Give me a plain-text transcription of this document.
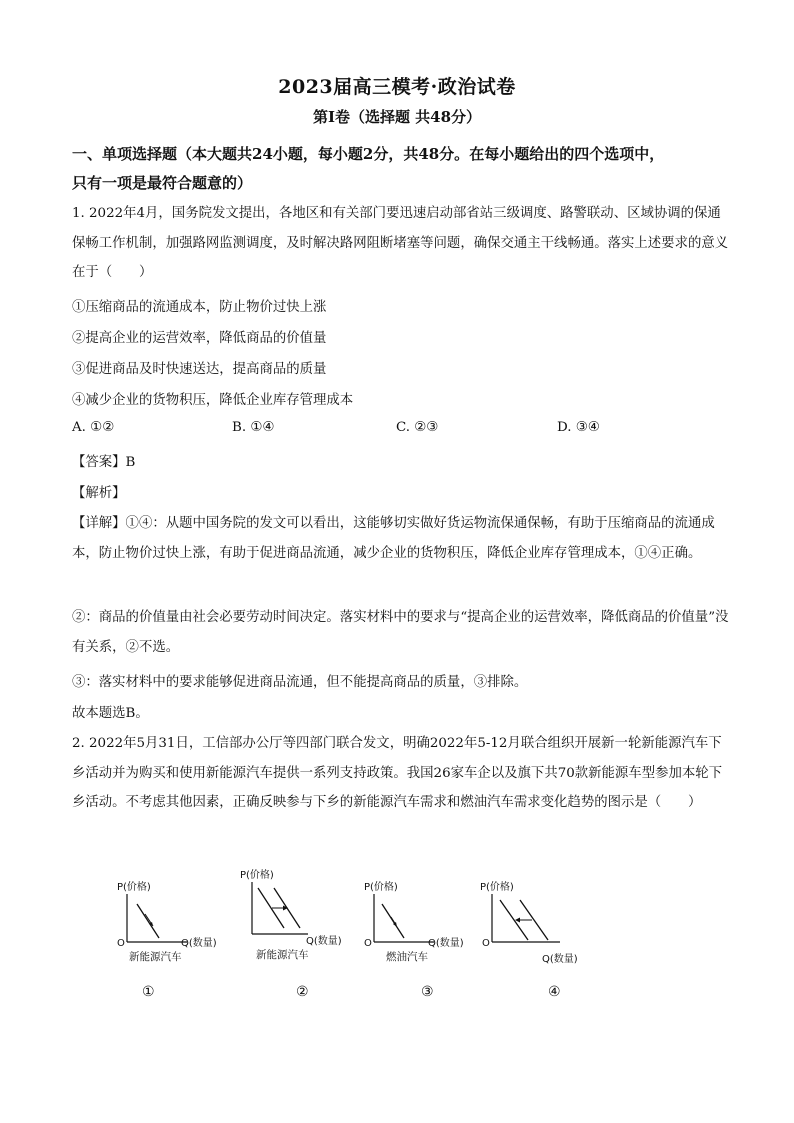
2023届高三模考·政治试卷
第Ⅰ卷（选择题 共48分）
一、单项选择题（本大题共24小题，每小题2分，共48分。在每小题给出的四个选项中，
只有一项是最符合题意的）
1. 2022年4月，国务院发文提出，各地区和有关部门要迅速启动部省站三级调度、路警联动、区域协调的保通保畅工作机制，加强路网监测调度，及时解决路网阻断堵塞等问题，确保交通主干线畅通。落实上述要求的意义在于（　　）
①压缩商品的流通成本，防止物价过快上涨
②提高企业的运营效率，降低商品的价值量
③促进商品及时快速送达，提高商品的质量
④减少企业的货物积压，降低企业库存管理成本
A. ①②	B. ①④	C. ②③	D. ③④
【答案】B
【解析】
【详解】①④：从题中国务院的发文可以看出，这能够切实做好货运物流保通保畅，有助于压缩商品的流通成本，防止物价过快上涨，有助于促进商品流通，减少企业的货物积压，降低企业库存管理成本，①④正确。
②：商品的价值量由社会必要劳动时间决定。落实材料中的要求与“提高企业的运营效率，降低商品的价值量”没有关系，②不选。
③：落实材料中的要求能够促进商品流通，但不能提高商品的质量，③排除。
故本题选B。
2. 2022年5月31日，工信部办公厅等四部门联合发文，明确2022年5-12月联合组织开展新一轮新能源汽车下乡活动并为购买和使用新能源汽车提供一系列支持政策。我国26家车企以及旗下共70款新能源车型参加本轮下乡活动。不考虑其他因素，正确反映参与下乡的新能源汽车需求和燃油汽车需求变化趋势的图示是（　　）
P(价格)
O	Q(数量)
新能源汽车
P(价格)
Q(数量)
新能源汽车
P(价格)
O	Q(数量)
燃油汽车
P(价格)
O
Q(数量)
①	②	③	④
